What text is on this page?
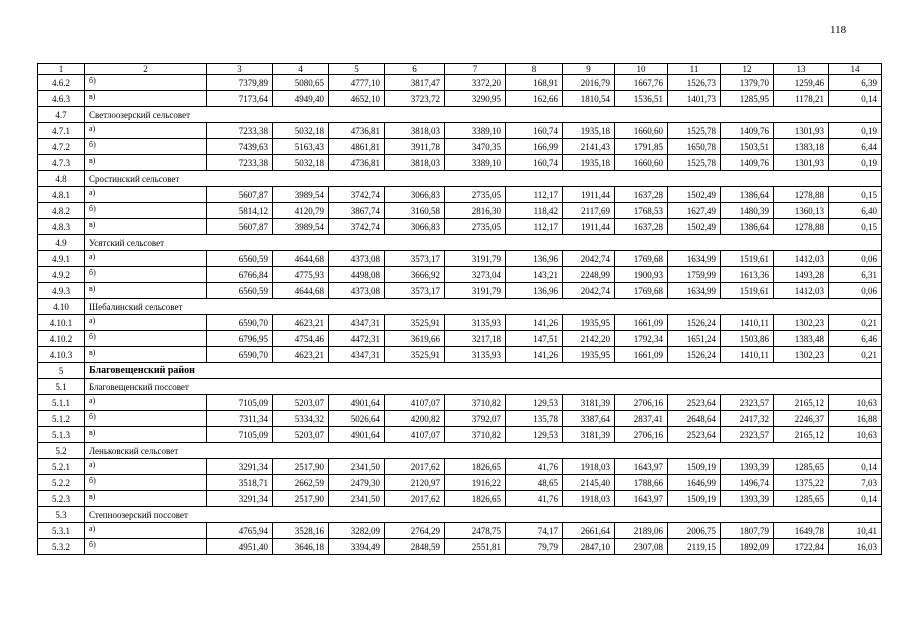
118
1	2	3	4	5	6	7	8	9	10	11	12	13	14
4.6.2	б)	7379,89	5080,65	4777,10	3817,47	3372,20	168,91	2016,79	1667,76	1526,73	1379,70	1259,46	6,39
4.6.3	в)	7173,64	4949,40	4652,10	3723,72	3290,95	162,66	1810,54	1536,51	1401,73	1285,95	1178,21	0,14
4.7	Светлоозерский сельсовет												
4.7.1	а)	7233,38	5032,18	4736,81	3818,03	3389,10	160,74	1935,18	1660,60	1525,78	1409,76	1301,93	0,19
4.7.2	б)	7439,63	5163,43	4861,81	3911,78	3470,35	166,99	2141,43	1791,85	1650,78	1503,51	1383,18	6,44
4.7.3	в)	7233,38	5032,18	4736,81	3818,03	3389,10	160,74	1935,18	1660,60	1525,78	1409,76	1301,93	0,19
4.8	Сростинский сельсовет												
4.8.1	а)	5607,87	3989,54	3742,74	3066,83	2735,05	112,17	1911,44	1637,28	1502,49	1386,64	1278,88	0,15
4.8.2	б)	5814,12	4120,79	3867,74	3160,58	2816,30	118,42	2117,69	1768,53	1627,49	1480,39	1360,13	6,40
4.8.3	в)	5607,87	3989,54	3742,74	3066,83	2735,05	112,17	1911,44	1637,28	1502,49	1386,64	1278,88	0,15
4.9	Усятский сельсовет												
4.9.1	а)	6560,59	4644,68	4373,08	3573,17	3191,79	136,96	2042,74	1769,68	1634,99	1519,61	1412,03	0,06
4.9.2	б)	6766,84	4775,93	4498,08	3666,92	3273,04	143,21	2248,99	1900,93	1759,99	1613,36	1493,28	6,31
4.9.3	в)	6560,59	4644,68	4373,08	3573,17	3191,79	136,96	2042,74	1769,68	1634,99	1519,61	1412,03	0,06
4.10	Шебалинский сельсовет												
4.10.1	а)	6590,70	4623,21	4347,31	3525,91	3135,93	141,26	1935,95	1661,09	1526,24	1410,11	1302,23	0,21
4.10.2	б)	6796,95	4754,46	4472,31	3619,66	3217,18	147,51	2142,20	1792,34	1651,24	1503,86	1383,48	6,46
4.10.3	в)	6590,70	4623,21	4347,31	3525,91	3135,93	141,26	1935,95	1661,09	1526,24	1410,11	1302,23	0,21
5	Благовещенский район												
5.1	Благовещенский поссовет												
5.1.1	а)	7105,09	5203,07	4901,64	4107,07	3710,82	129,53	3181,39	2706,16	2523,64	2323,57	2165,12	10,63
5.1.2	б)	7311,34	5334,32	5026,64	4200,82	3792,07	135,78	3387,64	2837,41	2648,64	2417,32	2246,37	16,88
5.1.3	в)	7105,09	5203,07	4901,64	4107,07	3710,82	129,53	3181,39	2706,16	2523,64	2323,57	2165,12	10,63
5.2	Леньковский сельсовет												
5.2.1	а)	3291,34	2517,90	2341,50	2017,62	1826,65	41,76	1918,03	1643,97	1509,19	1393,39	1285,65	0,14
5.2.2	б)	3518,71	2662,59	2479,30	2120,97	1916,22	48,65	2145,40	1788,66	1646,99	1496,74	1375,22	7,03
5.2.3	в)	3291,34	2517,90	2341,50	2017,62	1826,65	41,76	1918,03	1643,97	1509,19	1393,39	1285,65	0,14
5.3	Степноозерский поссовет												
5.3.1	а)	4765,94	3528,16	3282,09	2764,29	2478,75	74,17	2661,64	2189,06	2006,75	1807,79	1649,78	10,41
5.3.2	б)	4951,40	3646,18	3394,49	2848,59	2551,81	79,79	2847,10	2307,08	2119,15	1892,09	1722,84	16,03
